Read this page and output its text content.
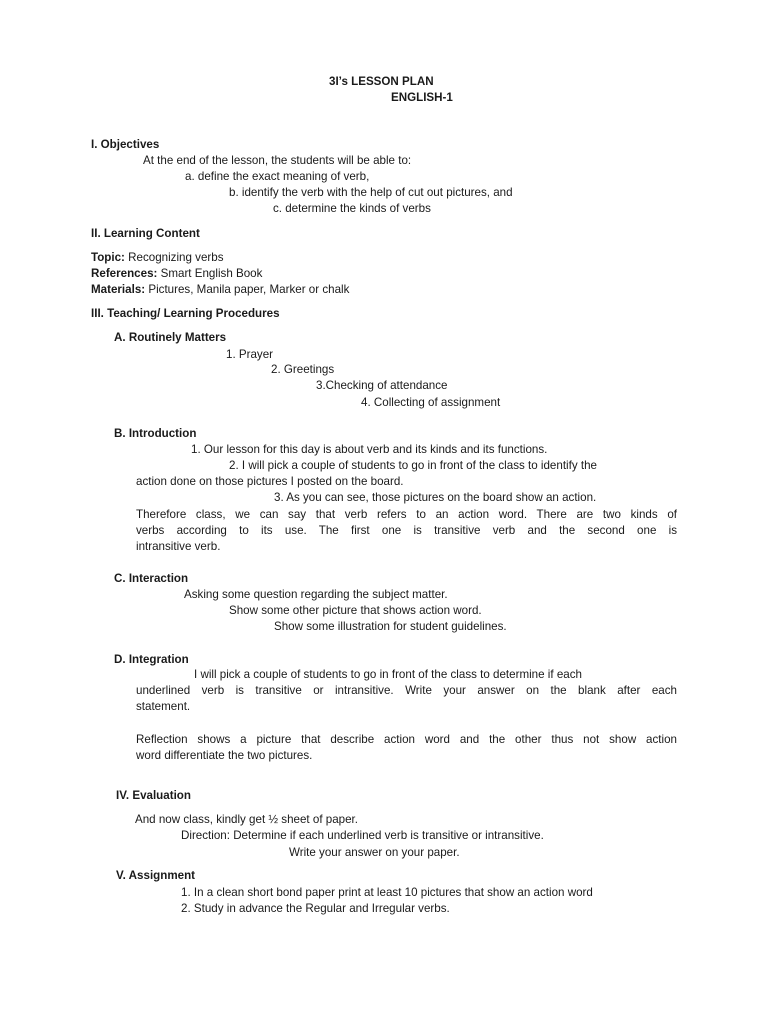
3I’s LESSON PLAN

ENGLISH-1

I. Objectives

At the end of the lesson, the students will be able to:

a. define the exact meaning of verb,

b. identify the verb with the help of cut out pictures, and

c. determine the kinds of verbs

II. Learning Content

Topic: Recognizing verbs

References: Smart English Book

Materials: Pictures, Manila paper, Marker or chalk

III. Teaching/ Learning Procedures

A. Routinely Matters

1. Prayer

2. Greetings

3.Checking of attendance

4. Collecting of assignment

B. Introduction

1. Our lesson for this day is about verb and its kinds and its functions.

2. I will pick a couple of students to go in front of the class to identify the

action done on those pictures I posted on the board.

3. As you can see, those pictures on the board show an action.

Therefore class, we can say that verb refers to an action word. There are two kinds of

verbs according to its use. The first one is transitive verb and the second one is

intransitive verb.

C. Interaction

Asking some question regarding the subject matter.

Show some other picture that shows action word.

Show some illustration for student guidelines.

D. Integration

I will pick a couple of students to go in front of the class to determine if each

underlined verb is transitive or intransitive. Write your answer on the blank after each

statement.

Reflection shows a picture that describe action word and the other thus not show action

word differentiate the two pictures.

IV. Evaluation

And now class, kindly get ½ sheet of paper.

Direction: Determine if each underlined verb is transitive or intransitive.

Write your answer on your paper.

V. Assignment

1. In a clean short bond paper print at least 10 pictures that show an action word

2. Study in advance the Regular and Irregular verbs.
